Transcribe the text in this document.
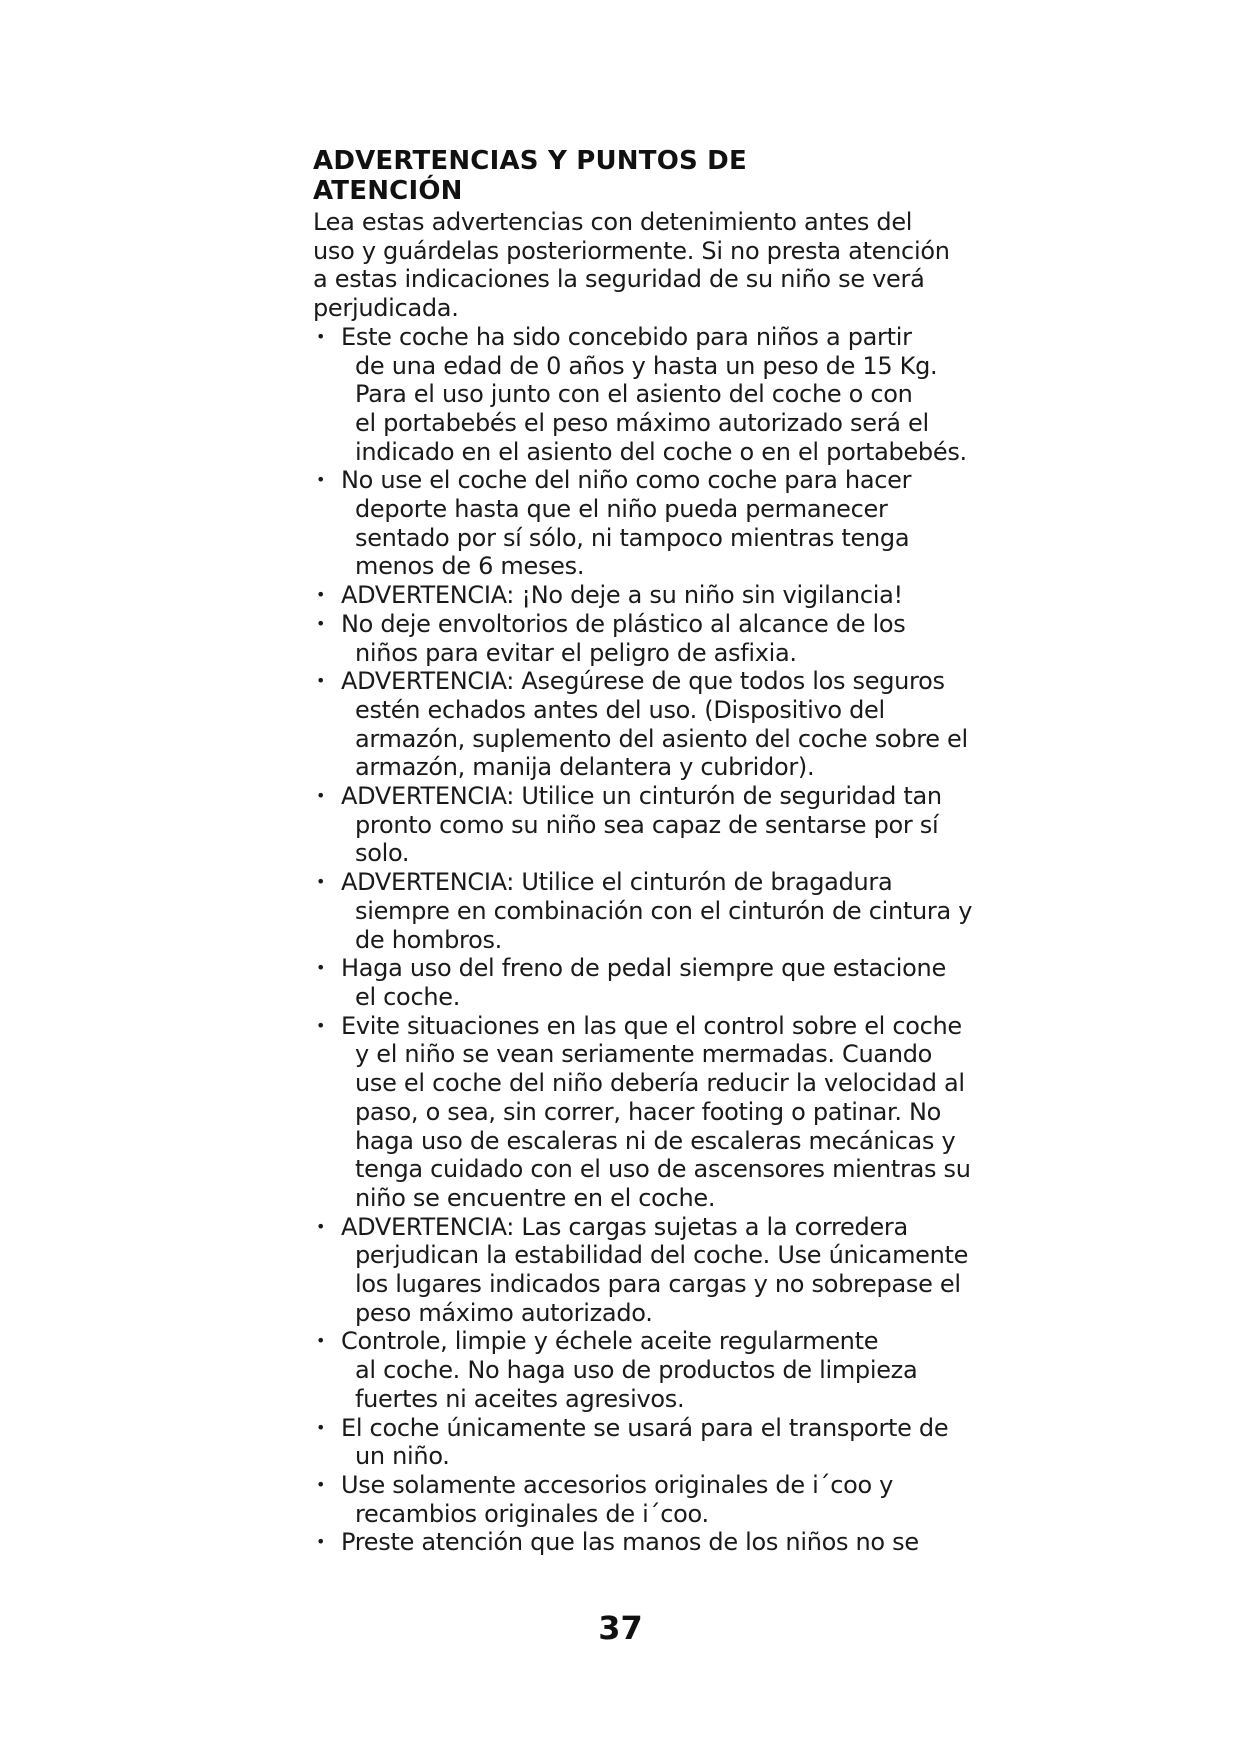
ADVERTENCIAS Y PUNTOS DE
ATENCIÓN

Lea estas advertencias con detenimiento antes del
uso y guárdelas posteriormente. Si no presta atención
a estas indicaciones la seguridad de su niño se verá
perjudicada.

• Este coche ha sido concebido para niños a partir
de una edad de 0 años y hasta un peso de 15 Kg.
Para el uso junto con el asiento del coche o con
el portabebés el peso máximo autorizado será el
indicado en el asiento del coche o en el portabebés.
• No use el coche del niño como coche para hacer
deporte hasta que el niño pueda permanecer
sentado por sí sólo, ni tampoco mientras tenga
menos de 6 meses.
• ADVERTENCIA: ¡No deje a su niño sin vigilancia!
• No deje envoltorios de plástico al alcance de los
niños para evitar el peligro de asfixia.
• ADVERTENCIA: Asegúrese de que todos los seguros
estén echados antes del uso. (Dispositivo del
armazón, suplemento del asiento del coche sobre el
armazón, manija delantera y cubridor).
• ADVERTENCIA: Utilice un cinturón de seguridad tan
pronto como su niño sea capaz de sentarse por sí
solo.
• ADVERTENCIA: Utilice el cinturón de bragadura
siempre en combinación con el cinturón de cintura y
de hombros.
• Haga uso del freno de pedal siempre que estacione
el coche.
• Evite situaciones en las que el control sobre el coche
y el niño se vean seriamente mermadas. Cuando
use el coche del niño debería reducir la velocidad al
paso, o sea, sin correr, hacer footing o patinar. No
haga uso de escaleras ni de escaleras mecánicas y
tenga cuidado con el uso de ascensores mientras su
niño se encuentre en el coche.
• ADVERTENCIA: Las cargas sujetas a la corredera
perjudican la estabilidad del coche. Use únicamente
los lugares indicados para cargas y no sobrepase el
peso máximo autorizado.
• Controle, limpie y échele aceite regularmente
al coche. No haga uso de productos de limpieza
fuertes ni aceites agresivos.
• El coche únicamente se usará para el transporte de
un niño.
• Use solamente accesorios originales de i´coo y
recambios originales de i´coo.
• Preste atención que las manos de los niños no se
37
